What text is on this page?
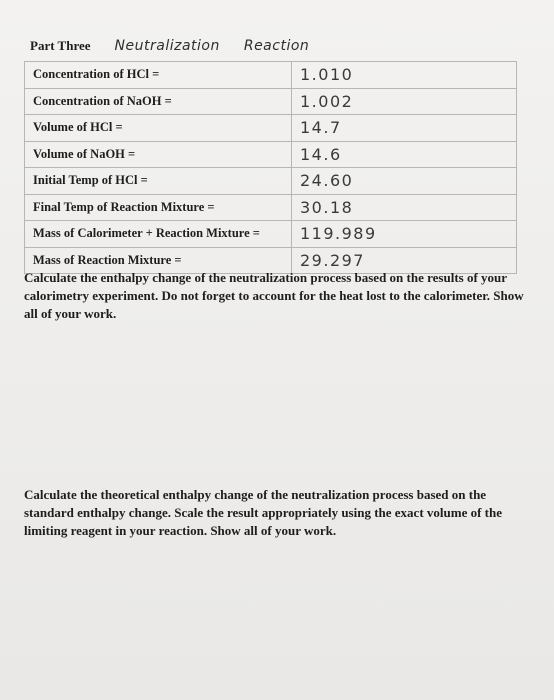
Part Three Neutralization Reaction
Concentration of HCl =	1.010
Concentration of NaOH =	1.002
Volume of HCl =	14.7
Volume of NaOH =	14.6
Initial Temp of HCl =	24.60
Final Temp of Reaction Mixture =	30.18
Mass of Calorimeter + Reaction Mixture =	119.989
Mass of Reaction Mixture =	29.297
Calculate the enthalpy change of the neutralization process based on the results of your calorimetry experiment. Do not forget to account for the heat lost to the calorimeter. Show all of your work.
Calculate the theoretical enthalpy change of the neutralization process based on the standard enthalpy change. Scale the result appropriately using the exact volume of the limiting reagent in your reaction. Show all of your work.
